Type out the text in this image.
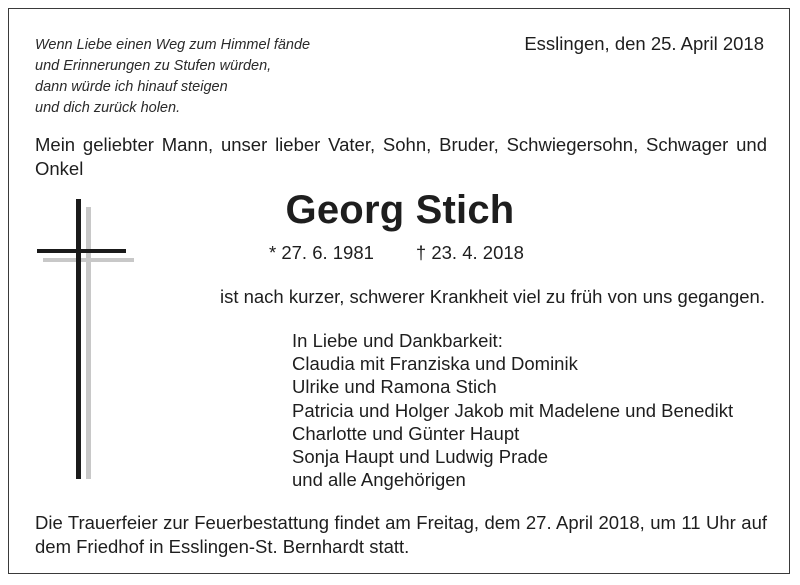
Wenn Liebe einen Weg zum Himmel fände
und Erinnerungen zu Stufen würden,
dann würde ich hinauf steigen
und dich zurück holen.
Esslingen, den 25. April 2018
Mein geliebter Mann, unser lieber Vater, Sohn, Bruder, Schwiegersohn, Schwager und Onkel
Georg Stich
* 27. 6. 1981 † 23. 4. 2018
ist nach kurzer, schwerer Krankheit viel zu früh von uns gegangen.
In Liebe und Dankbarkeit:
Claudia mit Franziska und Dominik
Ulrike und Ramona Stich
Patricia und Holger Jakob mit Madelene und Benedikt
Charlotte und Günter Haupt
Sonja Haupt und Ludwig Prade
und alle Angehörigen
Die Trauerfeier zur Feuerbestattung findet am Freitag, dem 27. April 2018, um 11 Uhr auf dem Friedhof in Esslingen-St. Bernhardt statt.
